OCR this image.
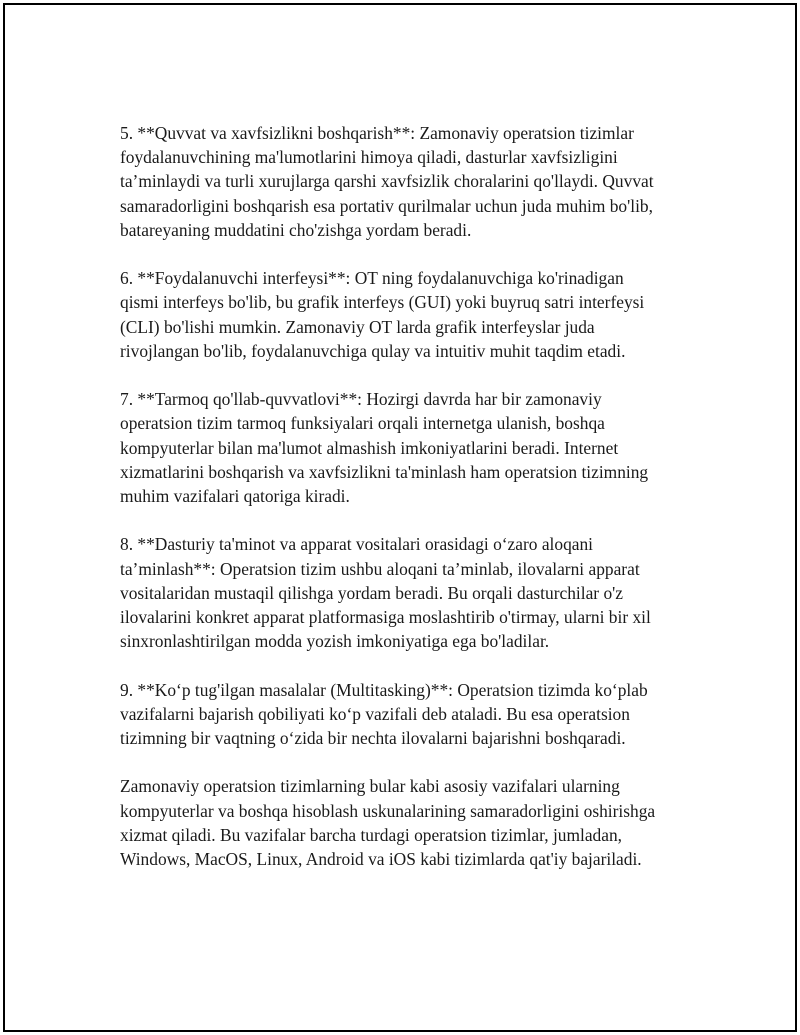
5. **Quvvat va xavfsizlikni boshqarish**: Zamonaviy operatsion tizimlar
foydalanuvchining ma'lumotlarini himoya qiladi, dasturlar xavfsizligini
ta’minlaydi va turli xurujlarga qarshi xavfsizlik choralarini qo'llaydi. Quvvat
samaradorligini boshqarish esa portativ qurilmalar uchun juda muhim bo'lib,
batareyaning muddatini cho'zishga yordam beradi.

6. **Foydalanuvchi interfeysi**: OT ning foydalanuvchiga ko'rinadigan
qismi interfeys bo'lib, bu grafik interfeys (GUI) yoki buyruq satri interfeysi
(CLI) bo'lishi mumkin. Zamonaviy OT larda grafik interfeyslar juda
rivojlangan bo'lib, foydalanuvchiga qulay va intuitiv muhit taqdim etadi.

7. **Tarmoq qo'llab-quvvatlovi**: Hozirgi davrda har bir zamonaviy
operatsion tizim tarmoq funksiyalari orqali internetga ulanish, boshqa
kompyuterlar bilan ma'lumot almashish imkoniyatlarini beradi. Internet
xizmatlarini boshqarish va xavfsizlikni ta'minlash ham operatsion tizimning
muhim vazifalari qatoriga kiradi.

8. **Dasturiy ta'minot va apparat vositalari orasidagi o‘zaro aloqani
ta’minlash**: Operatsion tizim ushbu aloqani ta’minlab, ilovalarni apparat
vositalaridan mustaqil qilishga yordam beradi. Bu orqali dasturchilar o'z
ilovalarini konkret apparat platformasiga moslashtirib o'tirmay, ularni bir xil
sinxronlashtirilgan modda yozish imkoniyatiga ega bo'ladilar.

9. **Ko‘p tug'ilgan masalalar (Multitasking)**: Operatsion tizimda ko‘plab
vazifalarni bajarish qobiliyati ko‘p vazifali deb ataladi. Bu esa operatsion
tizimning bir vaqtning o‘zida bir nechta ilovalarni bajarishni boshqaradi.

Zamonaviy operatsion tizimlarning bular kabi asosiy vazifalari ularning
kompyuterlar va boshqa hisoblash uskunalarining samaradorligini oshirishga
xizmat qiladi. Bu vazifalar barcha turdagi operatsion tizimlar, jumladan,
Windows, MacOS, Linux, Android va iOS kabi tizimlarda qat'iy bajariladi.
